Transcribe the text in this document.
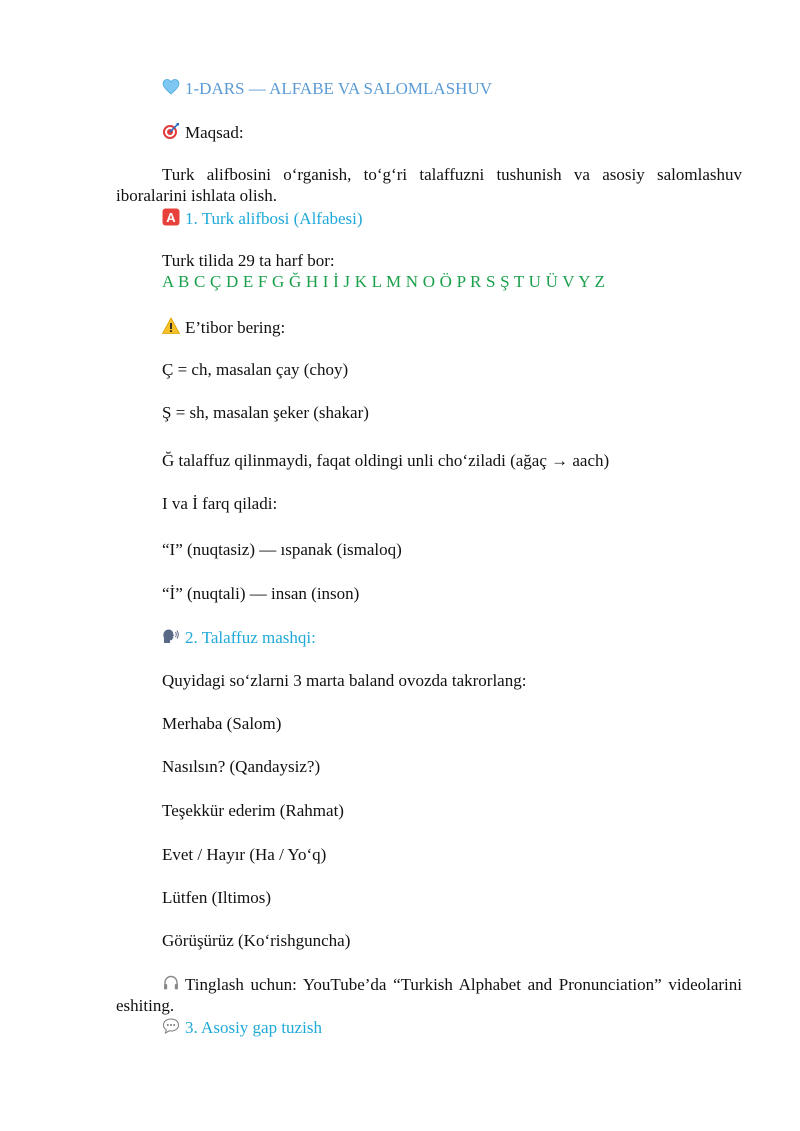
1-DARS — ALFABE VA SALOMLASHUV
Maqsad:
Turk alifbosini o‘rganish, to‘g‘ri talaffuzni tushunish va asosiy salomlashuv iboralarini ishlata olish.
A 1. Turk alifbosi (Alfabesi)
Turk tilida 29 ta harf bor:
A B C Ç D E F G Ğ H I İ J K L M N O Ö P R S Ş T U Ü V Y Z
E’tibor bering:
Ç = ch, masalan çay (choy)
Ş = sh, masalan şeker (shakar)
Ğ talaffuz qilinmaydi, faqat oldingi unli cho‘ziladi (ağaç → aach)
I va İ farq qiladi:
“I” (nuqtasiz) — ıspanak (ismaloq)
“İ” (nuqtali) — insan (inson)
2. Talaffuz mashqi:
Quyidagi so‘zlarni 3 marta baland ovozda takrorlang:
Merhaba (Salom)
Nasılsın? (Qandaysiz?)
Teşekkür ederim (Rahmat)
Evet / Hayır (Ha / Yo‘q)
Lütfen (Iltimos)
Görüşürüz (Ko‘rishguncha)
Tinglash uchun: YouTube’da “Turkish Alphabet and Pronunciation” videolarini eshiting.
3. Asosiy gap tuzish
